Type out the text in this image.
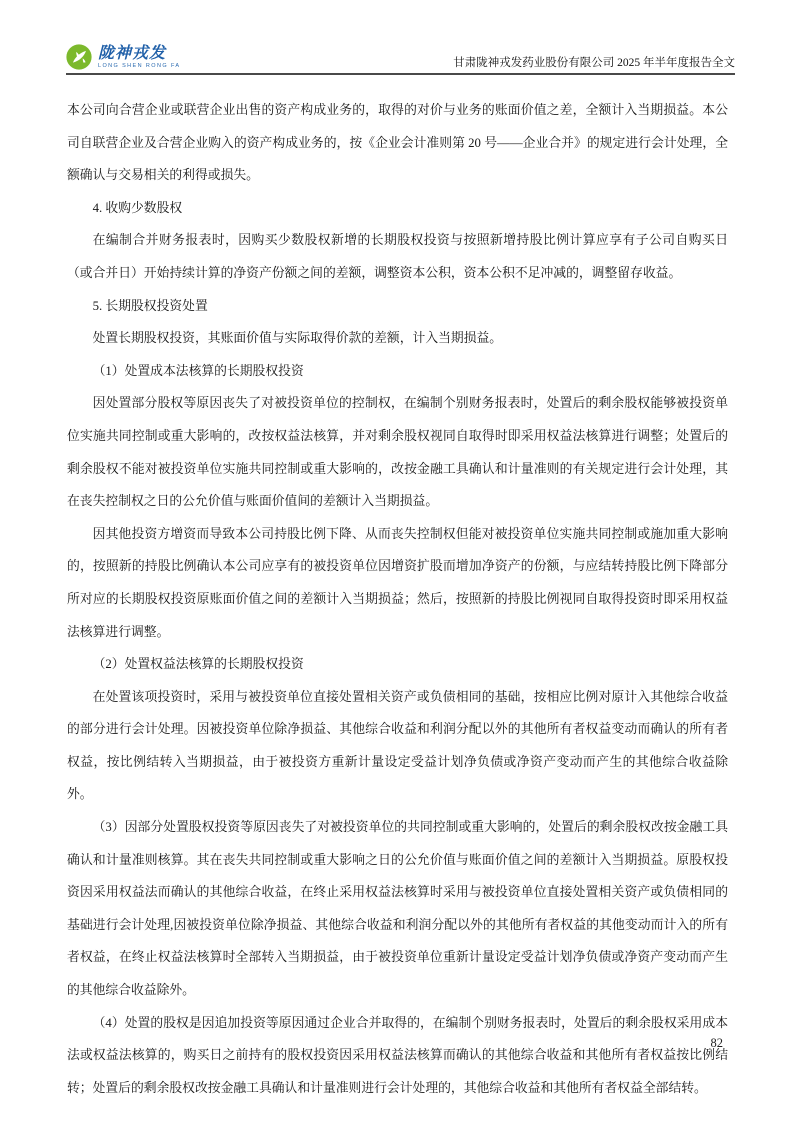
陇神戎发
LONG SHEN RONG FA	甘肃陇神戎发药业股份有限公司 2025 年半年度报告全文

本公司向合营企业或联营企业出售的资产构成业务的，取得的对价与业务的账面价值之差，全额计入当期损益。本公司自联营企业及合营企业购入的资产构成业务的，按《企业会计准则第 20 号——企业合并》的规定进行会计处理，全额确认与交易相关的利得或损失。

4. 收购少数股权

在编制合并财务报表时，因购买少数股权新增的长期股权投资与按照新增持股比例计算应享有子公司自购买日（或合并日）开始持续计算的净资产份额之间的差额，调整资本公积，资本公积不足冲减的，调整留存收益。

5. 长期股权投资处置

处置长期股权投资，其账面价值与实际取得价款的差额，计入当期损益。

（1）处置成本法核算的长期股权投资

因处置部分股权等原因丧失了对被投资单位的控制权，在编制个别财务报表时，处置后的剩余股权能够被投资单位实施共同控制或重大影响的，改按权益法核算，并对剩余股权视同自取得时即采用权益法核算进行调整；处置后的剩余股权不能对被投资单位实施共同控制或重大影响的，改按金融工具确认和计量准则的有关规定进行会计处理，其在丧失控制权之日的公允价值与账面价值间的差额计入当期损益。

因其他投资方增资而导致本公司持股比例下降、从而丧失控制权但能对被投资单位实施共同控制或施加重大影响的，按照新的持股比例确认本公司应享有的被投资单位因增资扩股而增加净资产的份额，与应结转持股比例下降部分所对应的长期股权投资原账面价值之间的差额计入当期损益；然后，按照新的持股比例视同自取得投资时即采用权益法核算进行调整。

（2）处置权益法核算的长期股权投资

在处置该项投资时，采用与被投资单位直接处置相关资产或负债相同的基础，按相应比例对原计入其他综合收益的部分进行会计处理。因被投资单位除净损益、其他综合收益和利润分配以外的其他所有者权益变动而确认的所有者权益，按比例结转入当期损益，由于被投资方重新计量设定受益计划净负债或净资产变动而产生的其他综合收益除外。

（3）因部分处置股权投资等原因丧失了对被投资单位的共同控制或重大影响的，处置后的剩余股权改按金融工具确认和计量准则核算。其在丧失共同控制或重大影响之日的公允价值与账面价值之间的差额计入当期损益。原股权投资因采用权益法而确认的其他综合收益，在终止采用权益法核算时采用与被投资单位直接处置相关资产或负债相同的基础进行会计处理,因被投资单位除净损益、其他综合收益和利润分配以外的其他所有者权益的其他变动而计入的所有者权益，在终止权益法核算时全部转入当期损益，由于被投资单位重新计量设定受益计划净负债或净资产变动而产生的其他综合收益除外。

（4）处置的股权是因追加投资等原因通过企业合并取得的，在编制个别财务报表时，处置后的剩余股权采用成本法或权益法核算的，购买日之前持有的股权投资因采用权益法核算而确认的其他综合收益和其他所有者权益按比例结转；处置后的剩余股权改按金融工具确认和计量准则进行会计处理的，其他综合收益和其他所有者权益全部结转。

82
